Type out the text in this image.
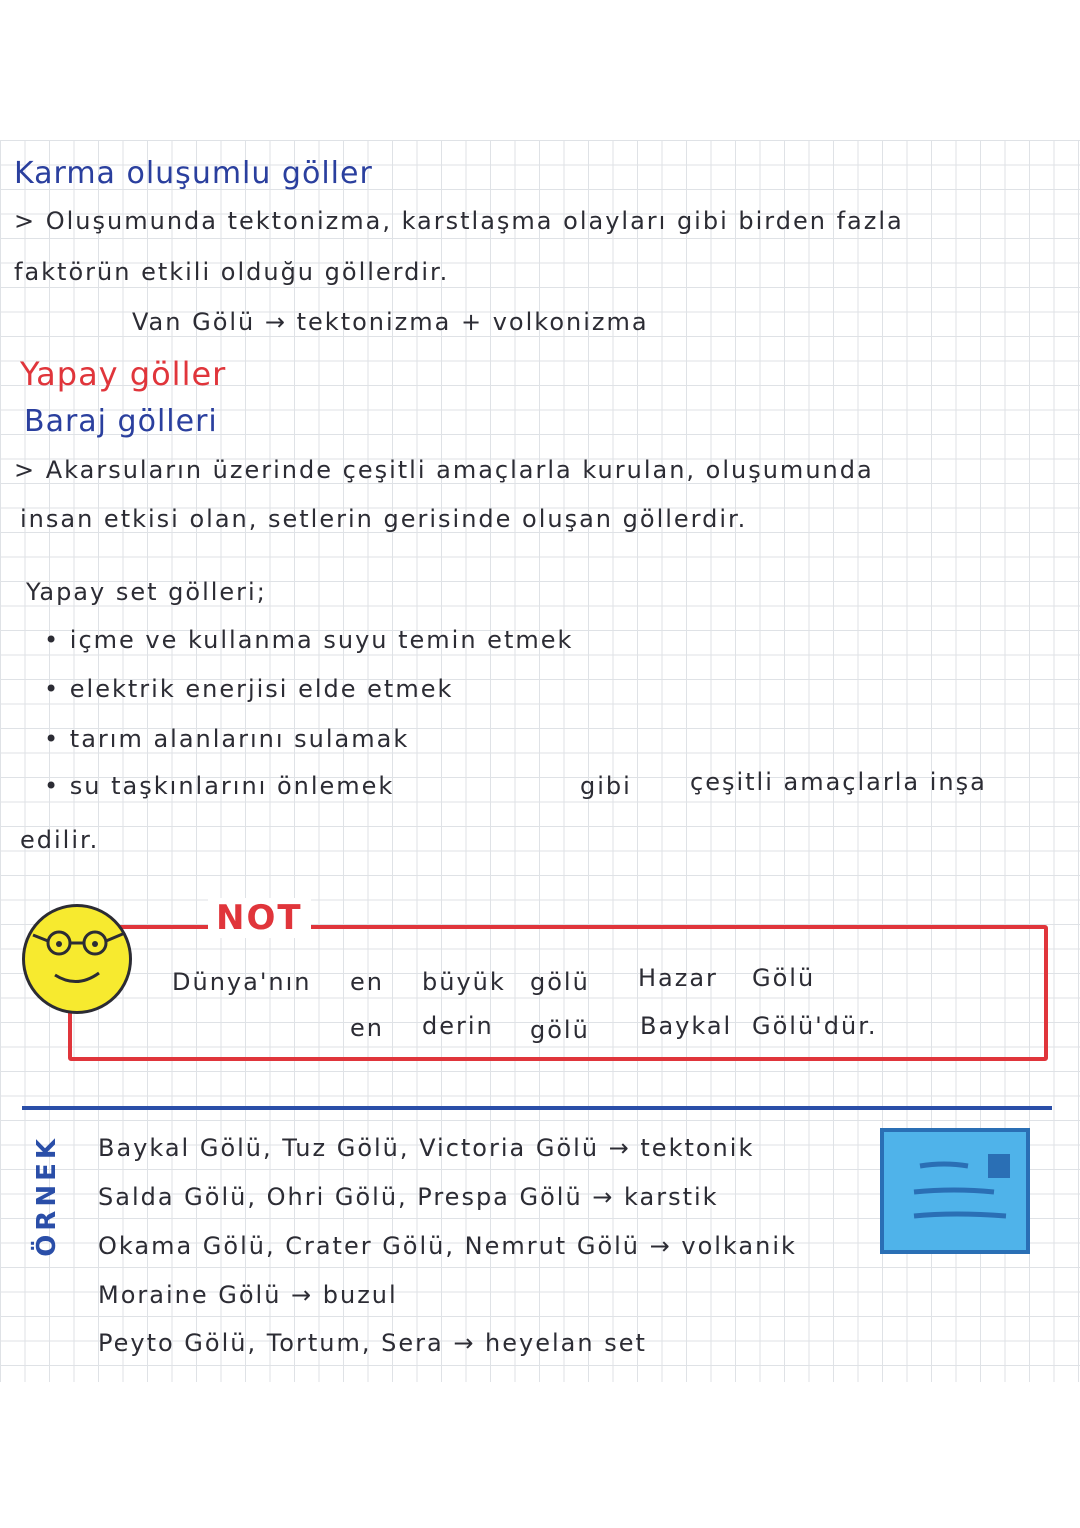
Karma oluşumlu göller
> Oluşumunda tektonizma, karstlaşma olayları gibi birden fazla
faktörün etkili olduğu göllerdir.
Van Gölü → tektonizma + volkonizma
Yapay göller
Baraj gölleri
> Akarsuların üzerinde çeşitli amaçlarla kurulan, oluşumunda
insan etkisi olan, setlerin gerisinde oluşan göllerdir.
Yapay set gölleri;
• içme ve kullanma suyu temin etmek
• elektrik enerjisi elde etmek
• tarım alanlarını sulamak
• su taşkınlarını önlemek	gibi çeşitli amaçlarla inşa
edilir.
NOT
Dünya'nın en büyük gölü Hazar Gölü
en derin gölü Baykal Gölü'dür.
ÖRNEK	Baykal Gölü, Tuz Gölü, Victoria Gölü → tektonik
Salda Gölü, Ohri Gölü, Prespa Gölü → karstik
Okama Gölü, Crater Gölü, Nemrut Gölü → volkanik
Moraine Gölü → buzul
Peyto Gölü, Tortum, Sera → heyelan set
